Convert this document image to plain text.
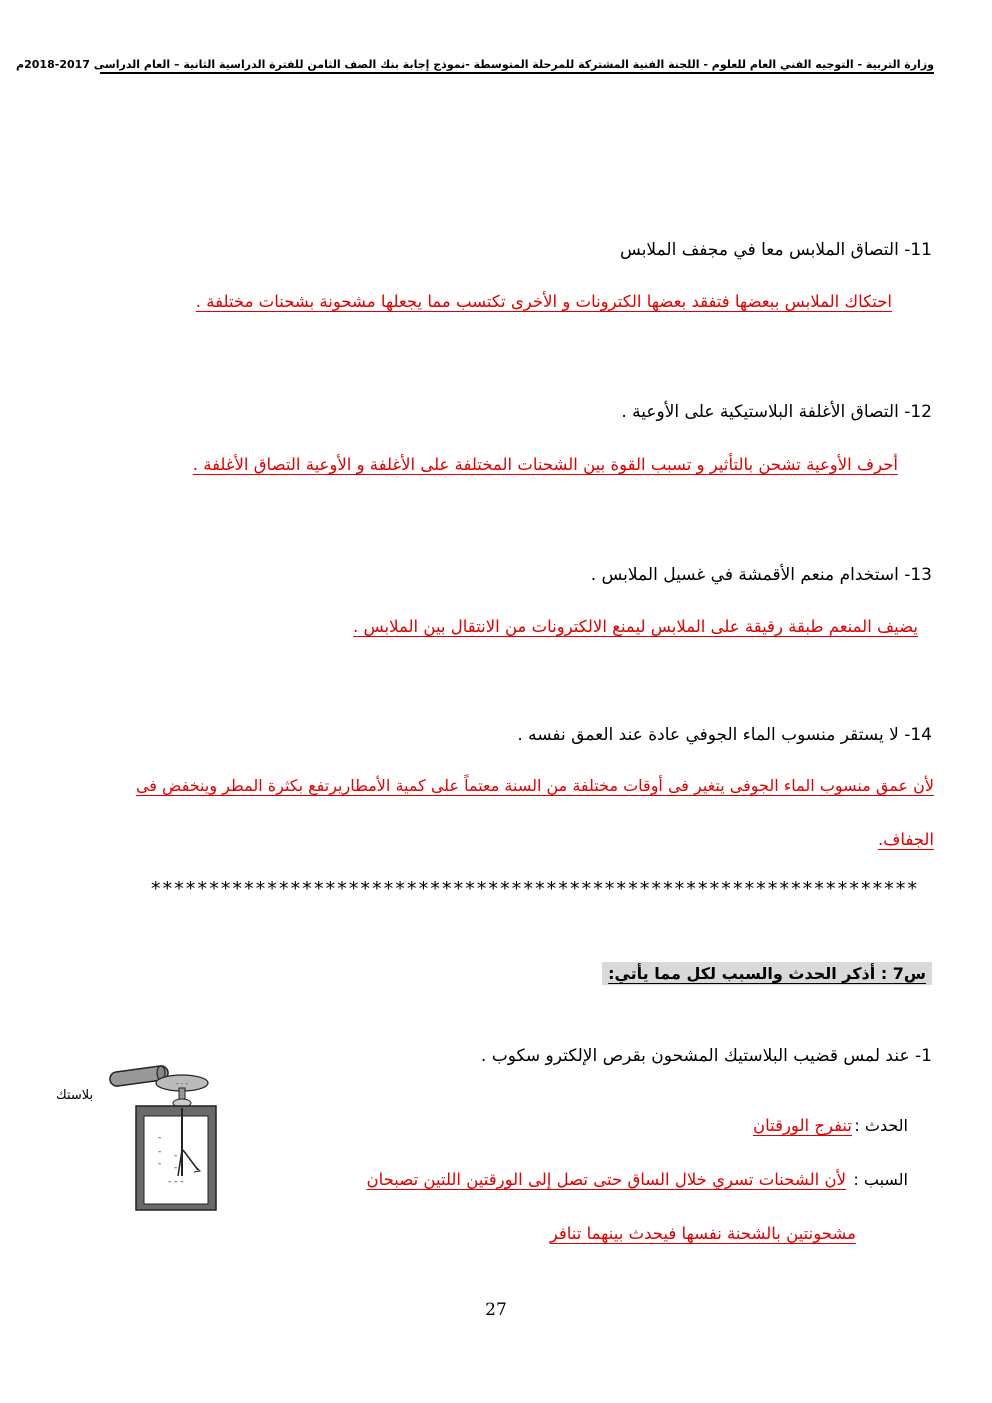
وزارة التربية - التوجيه الفني العام للعلوم - اللجنة الفنية المشتركة للمرحلة المتوسطة -نموذج إجابة بنك الصف الثامن للفترة الدراسية الثانية – العام الدراسى 2017-2018م
11- التصاق الملابس معا في مجفف الملابس
احتكاك الملابس ببعضها فتفقد بعضها الكترونات و الأخرى تكتسب مما يجعلها مشحونة بشحنات مختلفة .
12- التصاق الأغلفة البلاستيكية على الأوعية .
أحرف الأوعية تشحن بالتأثير و تسبب القوة بين الشحنات المختلفة على الأغلفة و الأوعية التصاق الأغلفة .
13- استخدام منعم الأقمشة في غسيل الملابس .
يضيف المنعم طبقة رقيقة على الملابس ليمنع الالكترونات من الانتقال بين الملابس .
14- لا يستقر منسوب الماء الجوفي عادة عند العمق نفسه .
لأن عمق منسوب الماء الجوفى يتغير فى أوقات مختلفة من السنة معتماً على كمية الأمطاريرتفع بكثرة المطر وينخفض فى
الجفاف.
******************************************************************
س7 : أذكر الحدث والسبب لكل مما يأتي:
1- عند لمس قضيب البلاستيك المشحون بقرص الإلكترو سكوب .
الحدث :
تنفرج الورقتان
السبب :
لأن الشحنات تسري خلال الساق حتى تصل إلى الورقتين اللتين تصبحان
مشحونتين بالشحنة نفسها فيحدث بينهما تنافر
بلاستك
- - -
-
-
-
-
-
- - -
27
